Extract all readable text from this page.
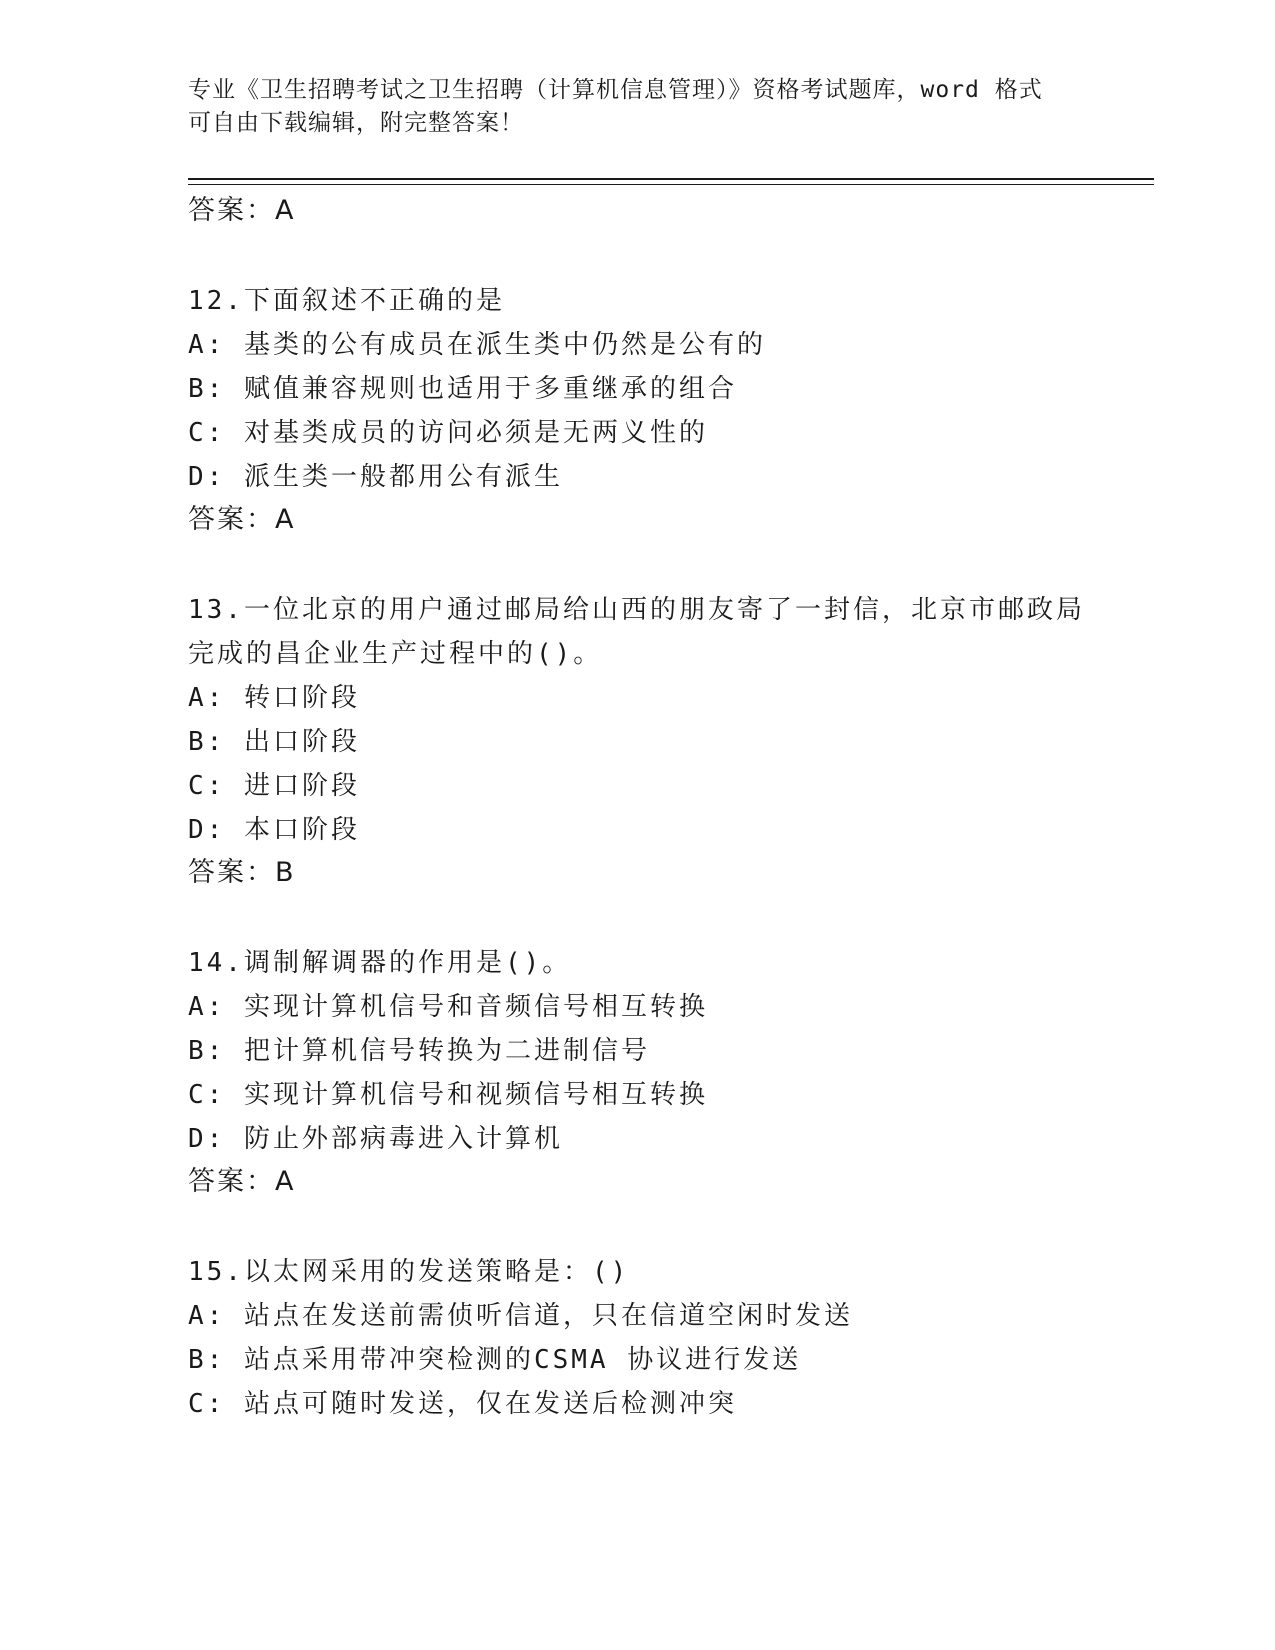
专业《卫生招聘考试之卫生招聘（计算机信息管理）》资格考试题库，word 格式
可自由下载编辑，附完整答案！
答案：A
12.下面叙述不正确的是
A: 基类的公有成员在派生类中仍然是公有的
B: 赋值兼容规则也适用于多重继承的组合
C: 对基类成员的访问必须是无两义性的
D: 派生类一般都用公有派生
答案：A
13.一位北京的用户通过邮局给山西的朋友寄了一封信，北京市邮政局
完成的昌企业生产过程中的()。
A: 转口阶段
B: 出口阶段
C: 进口阶段
D: 本口阶段
答案：B
14.调制解调器的作用是()。
A: 实现计算机信号和音频信号相互转换
B: 把计算机信号转换为二进制信号
C: 实现计算机信号和视频信号相互转换
D: 防止外部病毒进入计算机
答案：A
15.以太网采用的发送策略是：()
A: 站点在发送前需侦听信道，只在信道空闲时发送
B: 站点采用带冲突检测的CSMA 协议进行发送
C: 站点可随时发送，仅在发送后检测冲突
